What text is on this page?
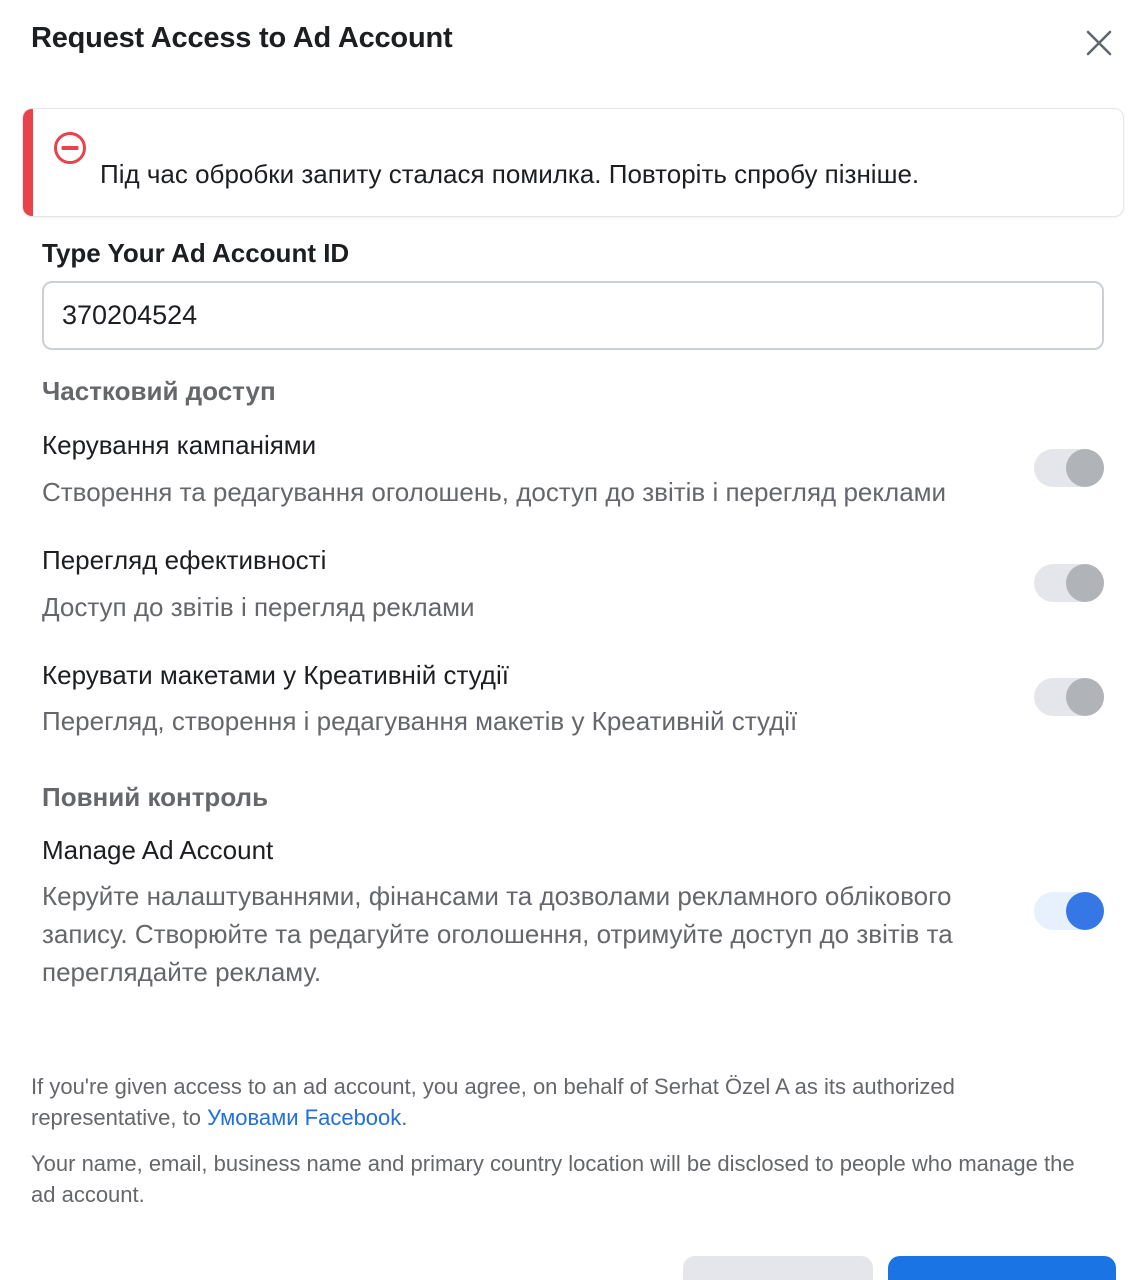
Request Access to Ad Account
Під час обробки запиту сталася помилка. Повторіть спробу пізніше.
Type Your Ad Account ID
370204524
Частковий доступ
Керування кампаніями
Створення та редагування оголошень, доступ до звітів і перегляд реклами
Перегляд ефективності
Доступ до звітів і перегляд реклами
Керувати макетами у Креативній студії
Перегляд, створення і редагування макетів у Креативній студії
Повний контроль
Manage Ad Account
Керуйте налаштуваннями, фінансами та дозволами рекламного облікового запису. Створюйте та редагуйте оголошення, отримуйте доступ до звітів та переглядайте рекламу.
If you're given access to an ad account, you agree, on behalf of Serhat Özel A as its authorized representative, to Умовами Facebook.
Your name, email, business name and primary country location will be disclosed to people who manage the ad account.
